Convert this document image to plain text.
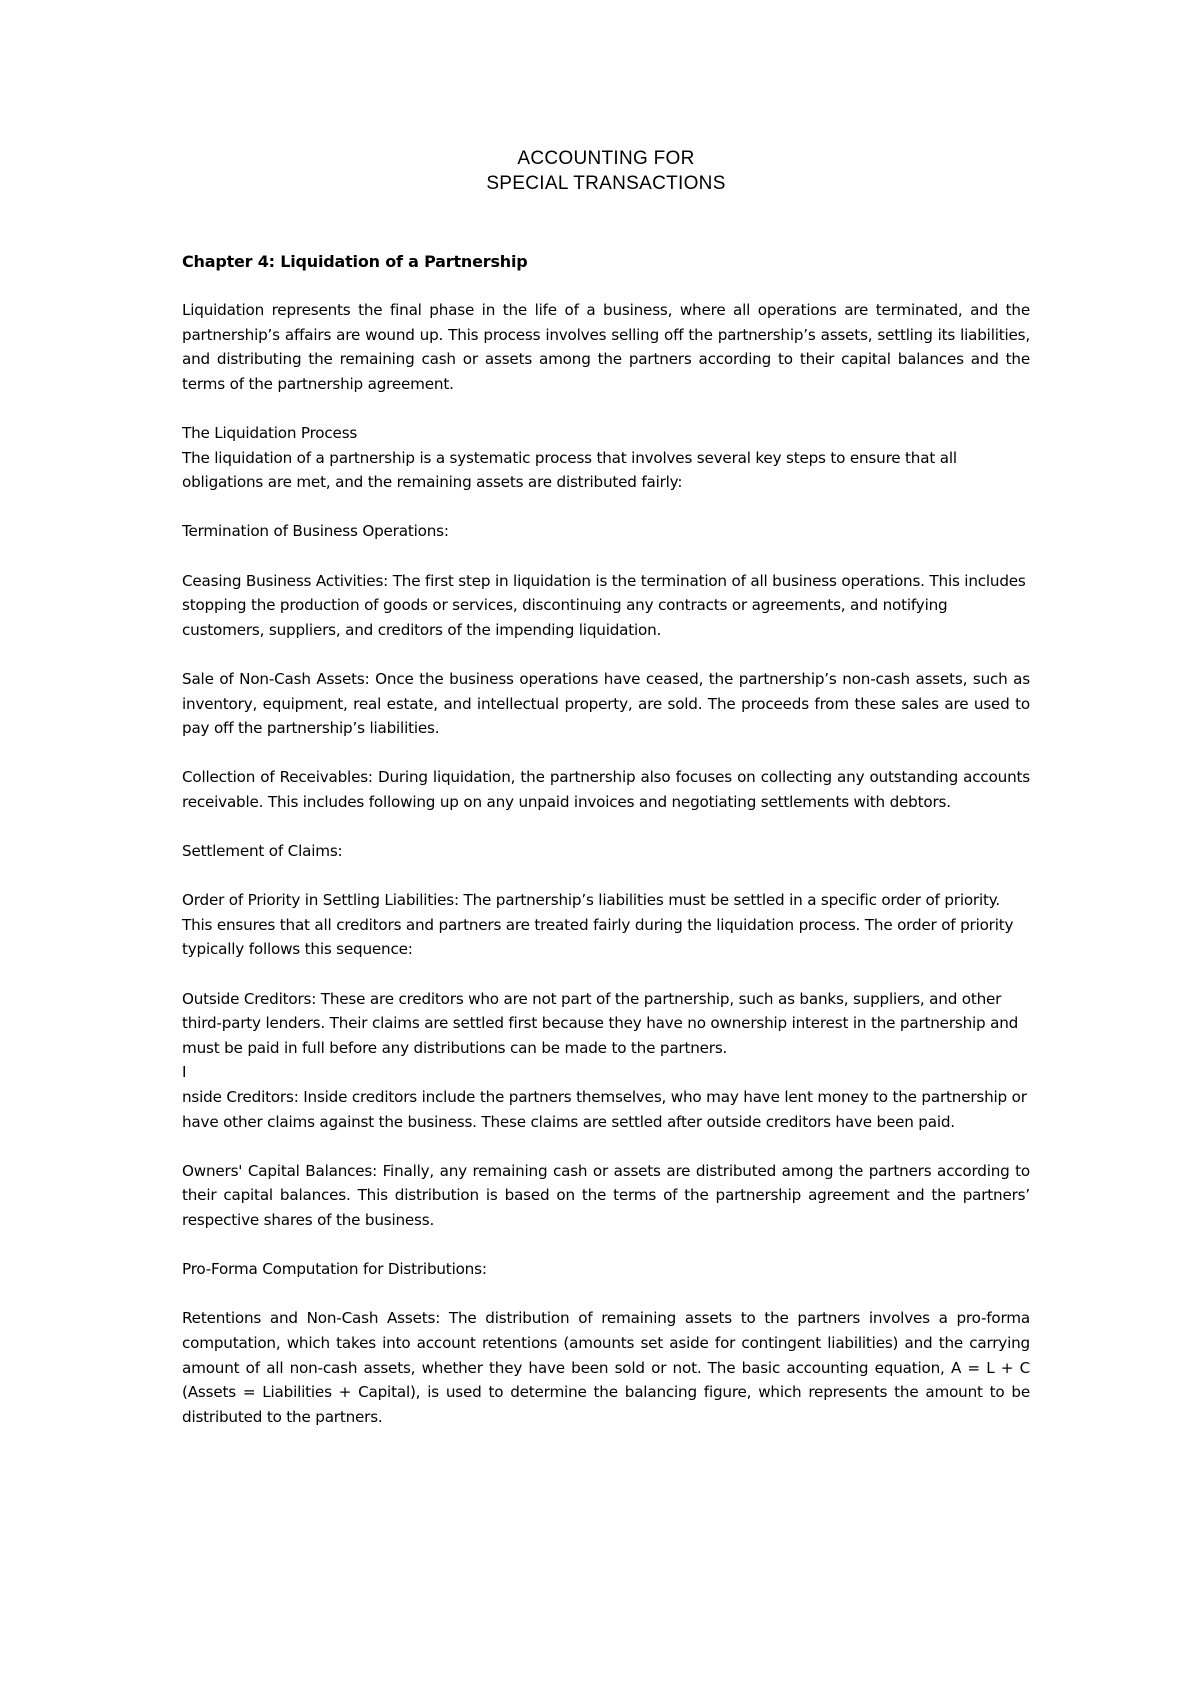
ACCOUNTING FOR
SPECIAL TRANSACTIONS
Chapter 4: Liquidation of a Partnership

Liquidation represents the final phase in the life of a business, where all operations are terminated, and the partnership’s affairs are wound up. This process involves selling off the partnership’s assets, settling its liabilities, and distributing the remaining cash or assets among the partners according to their capital balances and the terms of the partnership agreement.

The Liquidation Process

The liquidation of a partnership is a systematic process that involves several key steps to ensure that all obligations are met, and the remaining assets are distributed fairly:

Termination of Business Operations:

Ceasing Business Activities: The first step in liquidation is the termination of all business operations. This includes stopping the production of goods or services, discontinuing any contracts or agreements, and notifying customers, suppliers, and creditors of the impending liquidation.

Sale of Non-Cash Assets: Once the business operations have ceased, the partnership’s non-cash assets, such as inventory, equipment, real estate, and intellectual property, are sold. The proceeds from these sales are used to pay off the partnership’s liabilities.

Collection of Receivables: During liquidation, the partnership also focuses on collecting any outstanding accounts receivable. This includes following up on any unpaid invoices and negotiating settlements with debtors.

Settlement of Claims:

Order of Priority in Settling Liabilities: The partnership’s liabilities must be settled in a specific order of priority. This ensures that all creditors and partners are treated fairly during the liquidation process. The order of priority typically follows this sequence:

Outside Creditors: These are creditors who are not part of the partnership, such as banks, suppliers, and other third-party lenders. Their claims are settled first because they have no ownership interest in the partnership and must be paid in full before any distributions can be made to the partners.

I

nside Creditors: Inside creditors include the partners themselves, who may have lent money to the partnership or have other claims against the business. These claims are settled after outside creditors have been paid.

Owners' Capital Balances: Finally, any remaining cash or assets are distributed among the partners according to their capital balances. This distribution is based on the terms of the partnership agreement and the partners’ respective shares of the business.

Pro-Forma Computation for Distributions:

Retentions and Non-Cash Assets: The distribution of remaining assets to the partners involves a pro-forma computation, which takes into account retentions (amounts set aside for contingent liabilities) and the carrying amount of all non-cash assets, whether they have been sold or not. The basic accounting equation, A = L + C (Assets = Liabilities + Capital), is used to determine the balancing figure, which represents the amount to be distributed to the partners.
